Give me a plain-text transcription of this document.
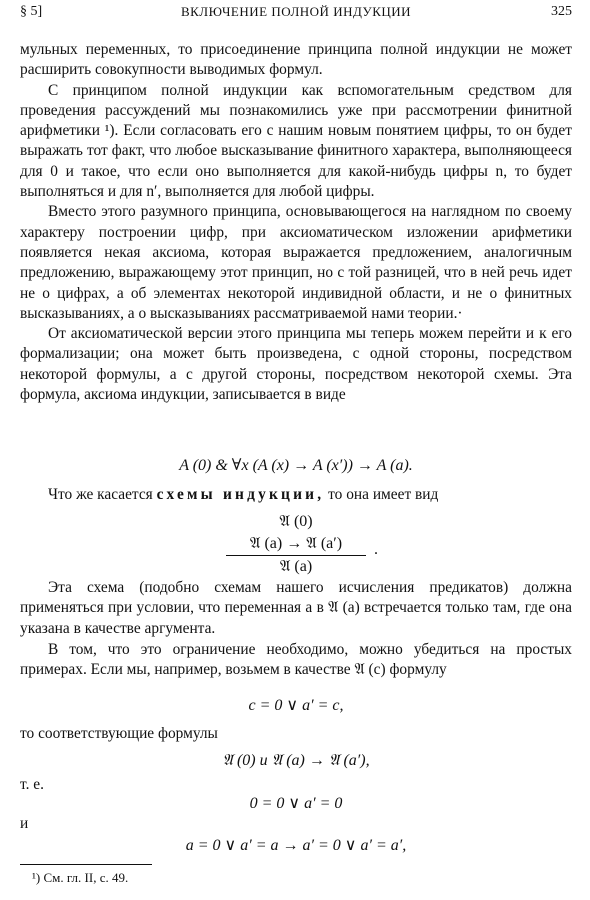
§ 5]	ВКЛЮЧЕНИЕ ПОЛНОЙ ИНДУКЦИИ	325

мульных переменных, то присоединение принципа полной индукции не может расширить совокупности выводимых формул.

С принципом полной индукции как вспомогательным средством для проведения рассуждений мы познакомились уже при рассмотрении финитной арифметики ¹). Если согласовать его с нашим новым понятием цифры, то он будет выражать тот факт, что любое высказывание финитного характера, выполняющееся для 0 и такое, что если оно выполняется для какой-нибудь цифры n, то будет выполняться и для n′, выполняется для любой цифры.

Вместо этого разумного принципа, основывающегося на наглядном по своему характеру построении цифр, при аксиоматическом изложении арифметики появляется некая аксиома, которая выражается предложением, аналогичным предложению, выражающему этот принцип, но с той разницей, что в ней речь идет не о цифрах, а об элементах некоторой индивидной области, и не о финитных высказываниях, а о высказываниях рассматриваемой нами теории.·

От аксиоматической версии этого принципа мы теперь можем перейти и к его формализации; она может быть произведена, с одной стороны, посредством некоторой формулы, а с другой стороны, посредством некоторой схемы. Эта формула, аксиома индукции, записывается в виде

A (0) & ∀x (A (x) → A (x′)) → A (a).
Что же касается схемы индукции, то она имеет вид
𝔄 (0)
𝔄 (a) → 𝔄 (a′)
𝔄 (a)
.

Эта схема (подобно схемам нашего исчисления предикатов) должна применяться при условии, что переменная a в 𝔄 (a) встречается только там, где она указана в качестве аргумента.

В том, что это ограничение необходимо, можно убедиться на простых примерах. Если мы, например, возьмем в качестве 𝔄 (c) формулу

c = 0 ∨ a′ = c,
то соответствующие формулы
𝔄 (0) и 𝔄 (a) → 𝔄 (a′),
т. е.
0 = 0 ∨ a′ = 0
и
a = 0 ∨ a′ = a → a′ = 0 ∨ a′ = a′,
¹) См. гл. II, с. 49.
